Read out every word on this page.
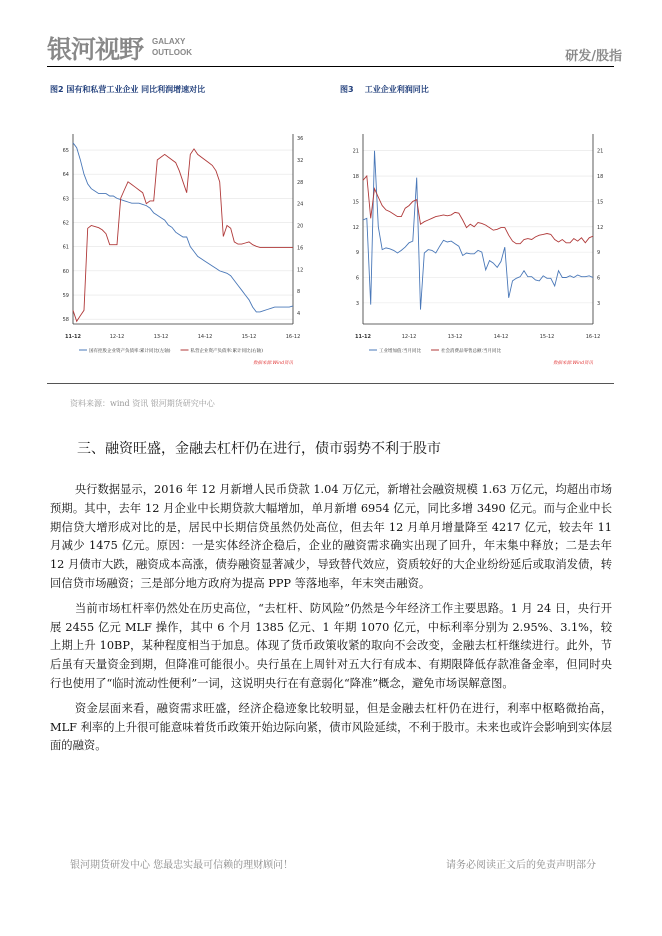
银河视野 GALAXY
OUTLOOK	研发/股指
图2 国有和私营工业企业 同比利润增速对比	图3 工业企业利润同比
58
59
60
61
62
63
64
65
4
8
12
16
20
24
28
32
36
11-12	12-12	13-12	14-12	15-12	16-12
国有控股企业资产负债率:累计同比(左轴)	私营企业资产负债率:累计同比(右轴)
数据来源:Wind资讯
3
6
9
12
15
18
21
3
6
9
12
15
18
21
11-12	12-12	13-12	14-12	15-12	16-12
工业增加值:当月同比	社会消费品零售总额:当月同比
数据来源:Wind资讯
资料来源：wind 资讯 银河期货研究中心
三、融资旺盛，金融去杠杆仍在进行，债市弱势不利于股市

央行数据显示，2016 年 12 月新增人民币贷款 1.04 万亿元，新增社会融资规模 1.63 万亿元，均超出市场预期。其中，去年 12 月企业中长期贷款大幅增加，单月新增 6954 亿元，同比多增 3490 亿元。而与企业中长期信贷大增形成对比的是，居民中长期信贷虽然仍处高位，但去年 12 月单月增量降至 4217 亿元，较去年 11 月减少 1475 亿元。原因：一是实体经济企稳后，企业的融资需求确实出现了回升，年末集中释放；二是去年 12 月债市大跌，融资成本高涨，债券融资显著减少，导致替代效应，资质较好的大企业纷纷延后或取消发债，转回信贷市场融资；三是部分地方政府为提高 PPP 等落地率，年末突击融资。

当前市场杠杆率仍然处在历史高位，“去杠杆、防风险”仍然是今年经济工作主要思路。1 月 24 日，央行开展 2455 亿元 MLF 操作，其中 6 个月 1385 亿元、1 年期 1070 亿元，中标利率分别为 2.95%、3.1%，较上期上升 10BP，某种程度相当于加息。体现了货币政策收紧的取向不会改变，金融去杠杆继续进行。此外，节后虽有天量资金到期，但降准可能很小。央行虽在上周针对五大行有成本、有期限降低存款准备金率，但同时央行也使用了“临时流动性便利”一词，这说明央行在有意弱化“降准”概念，避免市场误解意图。

资金层面来看，融资需求旺盛，经济企稳迹象比较明显，但是金融去杠杆仍在进行，利率中枢略微抬高， MLF 利率的上升很可能意味着货币政策开始边际向紧，债市风险延续，不利于股市。未来也或许会影响到实体层面的融资。

银河期货研发中心 您最忠实最可信赖的理财顾问！	请务必阅读正文后的免责声明部分
